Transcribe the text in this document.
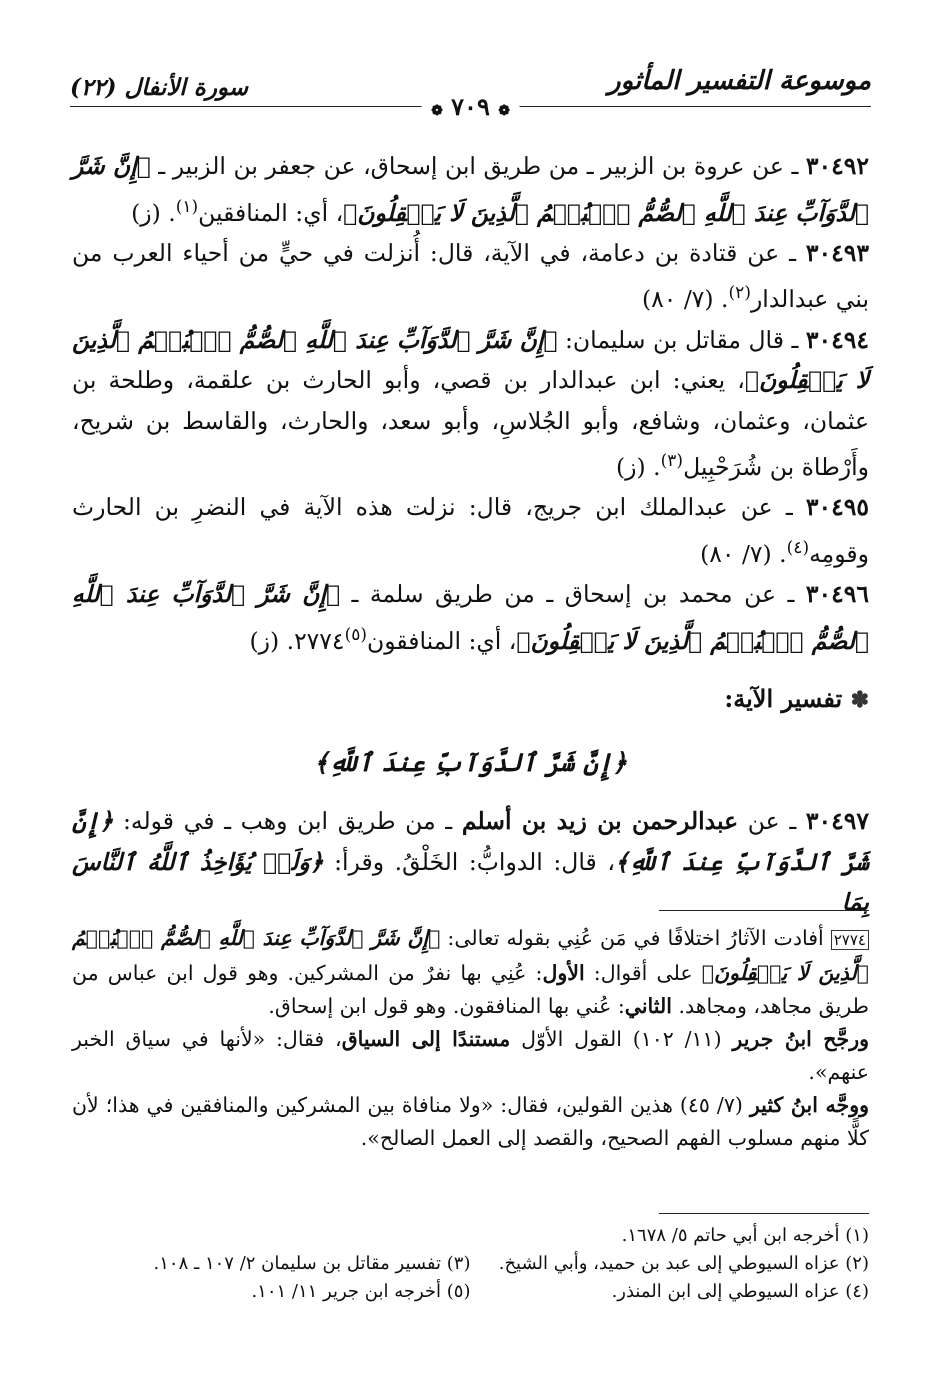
موسوعة التفسير المأثور
سورة الأنفال (٢٢)
❁ ٧٠٩ ❁

٣٠٤٩٢ ـ عن عروة بن الزبير ـ من طريق ابن إسحاق، عن جعفر بن الزبير ـ ﴿إِنَّ شَرَّ ٱلدَّوَآبِّ عِندَ ٱللَّهِ ٱلصُّمُّ ٱلۡبُكۡمُ ٱلَّذِينَ لَا يَعۡقِلُونَ﴾، أي: المنافقين$^{(١)}$. (ز)

٣٠٤٩٣ ـ عن قتادة بن دعامة، في الآية، قال: أُنزلت في حيٍّ من أحياء العرب من بني عبدالدار$^{(٢)}$. (٧/ ٨٠)

٣٠٤٩٤ ـ قال مقاتل بن سليمان: ﴿إِنَّ شَرَّ ٱلدَّوَآبِّ عِندَ ٱللَّهِ ٱلصُّمُّ ٱلۡبُكۡمُ ٱلَّذِينَ لَا يَعۡقِلُونَ﴾، يعني: ابن عبدالدار بن قصي، وأبو الحارث بن علقمة، وطلحة بن عثمان، وعثمان، وشافع، وأبو الجُلاسِ، وأبو سعد، والحارث، والقاسط بن شريح، وأَرْطاة بن شُرَحْبِيل$^{(٣)}$. (ز)

٣٠٤٩٥ ـ عن عبدالملك ابن جريج، قال: نزلت هذه الآية في النضرِ بن الحارث وقومِه$^{(٤)}$. (٧/ ٨٠)

٣٠٤٩٦ ـ عن محمد بن إسحاق ـ من طريق سلمة ـ ﴿إِنَّ شَرَّ ٱلدَّوَآبِّ عِندَ ٱللَّهِ ٱلصُّمُّ ٱلۡبُكۡمُ ٱلَّذِينَ لَا يَعۡقِلُونَ﴾، أي: المنافقون$^{(٥)}$٢٧٧٤. (ز)

✽ تفسير الآية:

﴿إِنَّ شَرَّ ٱلدَّوَآبِّ عِندَ ٱللَّهِ﴾

٣٠٤٩٧ ـ عن عبدالرحمن بن زيد بن أسلم ـ من طريق ابن وهب ـ في قوله: ﴿إِنَّ شَرَّ ٱلدَّوَآبِّ عِندَ ٱللَّهِ﴾، قال: الدوابُّ: الخَلْقُ. وقرأ: ﴿وَلَوۡ يُؤَاخِذُ ٱللَّهُ ٱلنَّاسَ بِمَا

٢٧٧٤ أفادت الآثارُ اختلافًا في مَن عُنِي بقوله تعالى: ﴿إِنَّ شَرَّ ٱلدَّوَآبِّ عِندَ ٱللَّهِ ٱلصُّمُّ ٱلۡبُكۡمُ ٱلَّذِينَ لَا يَعۡقِلُونَ﴾ على أقوال: الأول: عُنِي بها نفرٌ من المشركين. وهو قول ابن عباس من طريق مجاهد، ومجاهد. الثاني: عُني بها المنافقون. وهو قول ابن إسحاق.

ورجَّح ابنُ جرير (١١/ ١٠٢) القول الأوّل مستندًا إلى السياق، فقال: «لأنها في سياق الخبر عنهم».

ووجَّه ابنُ كثير (٧/ ٤٥) هذين القولين، فقال: «ولا منافاة بين المشركين والمنافقين في هذا؛ لأن كلًّا منهم مسلوب الفهم الصحيح، والقصد إلى العمل الصالح».

(١) أخرجه ابن أبي حاتم ٥/ ١٦٧٨.
(٢) عزاه السيوطي إلى عبد بن حميد، وأبي الشيخ.
(٣) تفسير مقاتل بن سليمان ٢/ ١٠٧ ـ ١٠٨.
(٤) عزاه السيوطي إلى ابن المنذر.
(٥) أخرجه ابن جرير ١١/ ١٠١.
